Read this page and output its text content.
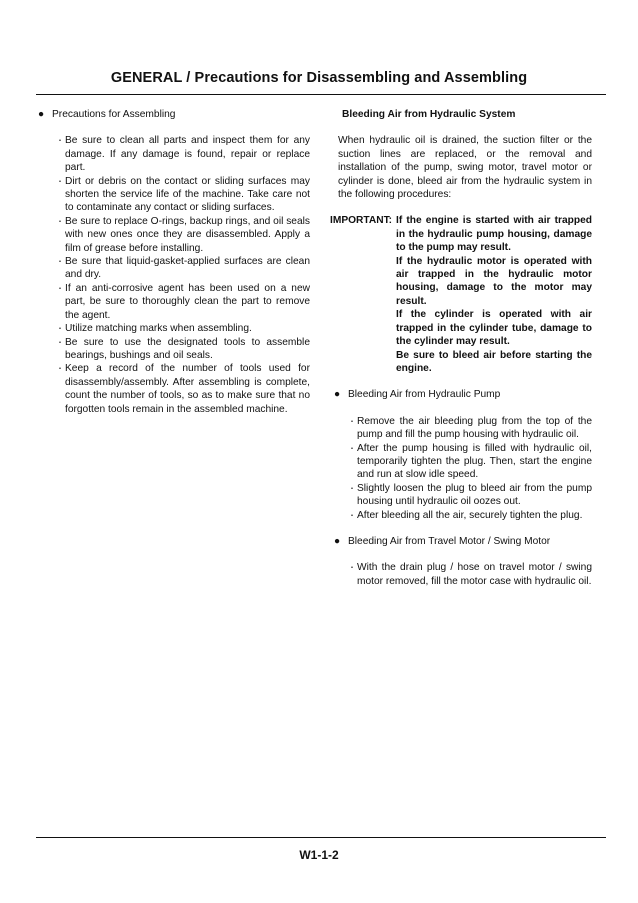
GENERAL / Precautions for Disassembling and Assembling
● Precautions for Assembling
・ Be sure to clean all parts and inspect them for any damage. If any damage is found, repair or replace part.
・ Dirt or debris on the contact or sliding surfaces may shorten the service life of the machine. Take care not to contaminate any contact or sliding surfaces.
・ Be sure to replace O-rings, backup rings, and oil seals with new ones once they are disassembled. Apply a film of grease before installing.
・ Be sure that liquid-gasket-applied surfaces are clean and dry.
・ If an anti-corrosive agent has been used on a new part, be sure to thoroughly clean the part to remove the agent.
・ Utilize matching marks when assembling.
・ Be sure to use the designated tools to assemble bearings, bushings and oil seals.
・ Keep a record of the number of tools used for disassembly/assembly. After assembling is complete, count the number of tools, so as to make sure that no forgotten tools remain in the assembled machine.
Bleeding Air from Hydraulic System
When hydraulic oil is drained, the suction filter or the suction lines are replaced, or the removal and installation of the pump, swing motor, travel motor or cylinder is done, bleed air from the hydraulic system in the following procedures:
IMPORTANT: If the engine is started with air trapped in the hydraulic pump housing, damage to the pump may result.

If the hydraulic motor is operated with air trapped in the hydraulic motor housing, damage to the motor may result.

If the cylinder is operated with air trapped in the cylinder tube, damage to the cylinder may result.

Be sure to bleed air before starting the engine.

● Bleeding Air from Hydraulic Pump
・ Remove the air bleeding plug from the top of the pump and fill the pump housing with hydraulic oil.
・ After the pump housing is filled with hydraulic oil, temporarily tighten the plug. Then, start the engine and run at slow idle speed.
・ Slightly loosen the plug to bleed air from the pump housing until hydraulic oil oozes out.
・ After bleeding all the air, securely tighten the plug.
● Bleeding Air from Travel Motor / Swing Motor
・ With the drain plug / hose on travel motor / swing motor removed, fill the motor case with hydraulic oil.
W1-1-2
